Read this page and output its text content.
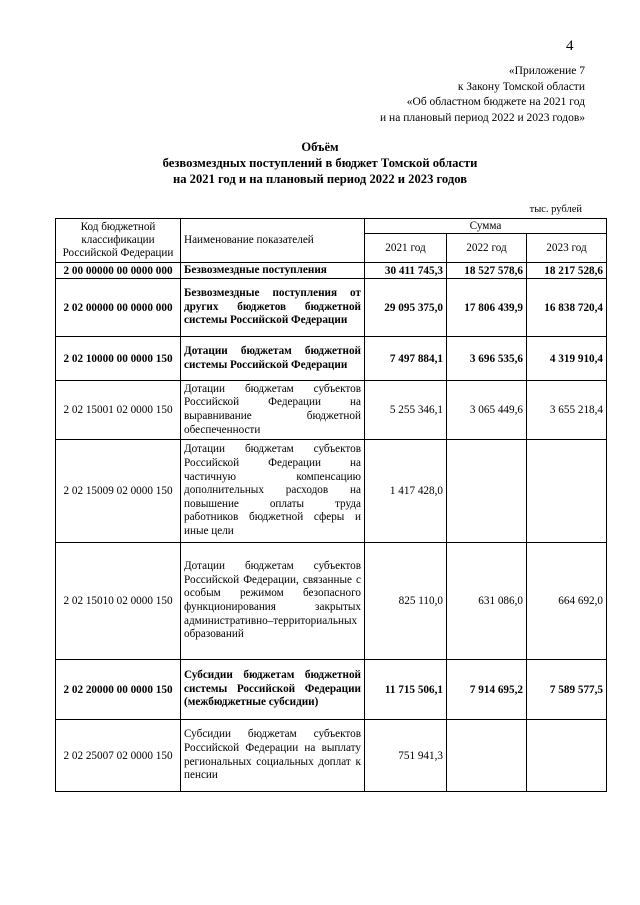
4
«Приложение 7
к Закону Томской области
«Об областном бюджете на 2021 год
и на плановый период 2022 и 2023 годов»
Объём
безвозмездных поступлений в бюджет Томской области
на 2021 год и на плановый период 2022 и 2023 годов
тыс. рублей
Код бюджетной классификации Российской Федерации	Наименование показателей	Сумма		
		2021 год	2022 год	2023 год
2 00 00000 00 0000 000	Безвозмездные поступления	30 411 745,3	18 527 578,6	18 217 528,6
2 02 00000 00 0000 000	Безвозмездные поступления от других бюджетов бюджетной системы Российской Федерации	29 095 375,0	17 806 439,9	16 838 720,4
2 02 10000 00 0000 150	Дотации бюджетам бюджетной системы Российской Федерации	7 497 884,1	3 696 535,6	4 319 910,4
2 02 15001 02 0000 150	Дотации бюджетам субъектов Российской Федерации на выравнивание бюджетной обеспеченности	5 255 346,1	3 065 449,6	3 655 218,4
2 02 15009 02 0000 150	Дотации бюджетам субъектов Российской Федерации на частичную компенсацию дополнительных расходов на повышение оплаты труда работников бюджетной сферы и иные цели	1 417 428,0		
2 02 15010 02 0000 150	Дотации бюджетам субъектов Российской Федерации, связанные с особым режимом безопасного функционирования закрытых административно–территориальных образований	825 110,0	631 086,0	664 692,0
2 02 20000 00 0000 150	Субсидии бюджетам бюджетной системы Российской Федерации (межбюджетные субсидии)	11 715 506,1	7 914 695,2	7 589 577,5
2 02 25007 02 0000 150	Субсидии бюджетам субъектов Российской Федерации на выплату региональных социальных доплат к пенсии	751 941,3		
